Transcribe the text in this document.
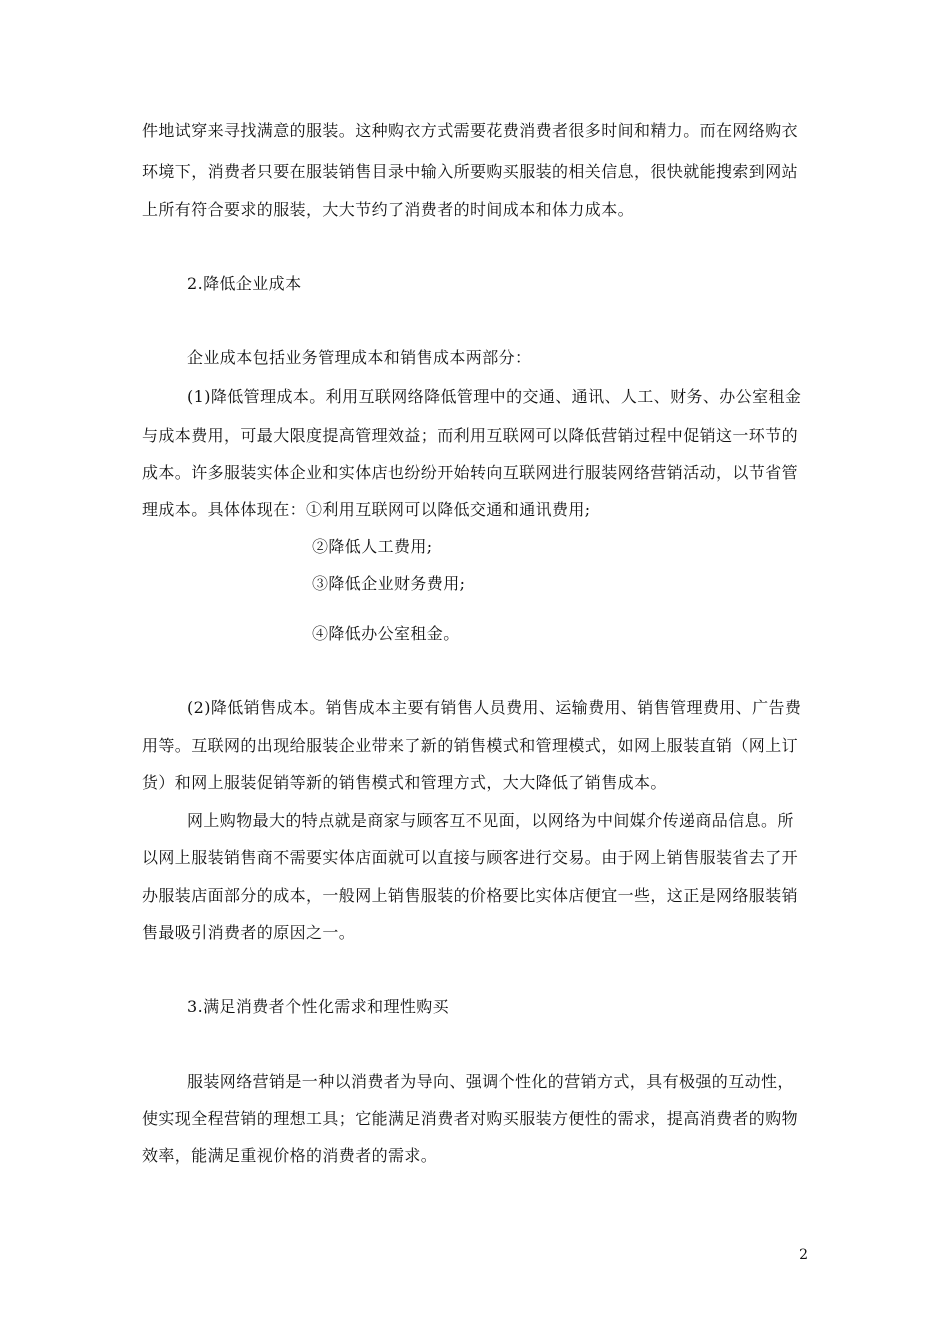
件地试穿来寻找满意的服装。这种购衣方式需要花费消费者很多时间和精力。而在网络购衣
环境下，消费者只要在服装销售目录中输入所要购买服装的相关信息，很快就能搜索到网站
上所有符合要求的服装，大大节约了消费者的时间成本和体力成本。
2.降低企业成本
企业成本包括业务管理成本和销售成本两部分：
(1)降低管理成本。利用互联网络降低管理中的交通、通讯、人工、财务、办公室租金
与成本费用，可最大限度提高管理效益；而利用互联网可以降低营销过程中促销这一环节的
成本。许多服装实体企业和实体店也纷纷开始转向互联网进行服装网络营销活动，以节省管
理成本。具体体现在：①利用互联网可以降低交通和通讯费用;
②降低人工费用;
③降低企业财务费用;
④降低办公室租金。
(2)降低销售成本。销售成本主要有销售人员费用、运输费用、销售管理费用、广告费
用等。互联网的出现给服装企业带来了新的销售模式和管理模式，如网上服装直销（网上订
货）和网上服装促销等新的销售模式和管理方式，大大降低了销售成本。
网上购物最大的特点就是商家与顾客互不见面，以网络为中间媒介传递商品信息。所
以网上服装销售商不需要实体店面就可以直接与顾客进行交易。由于网上销售服装省去了开
办服装店面部分的成本，一般网上销售服装的价格要比实体店便宜一些，这正是网络服装销
售最吸引消费者的原因之一。
3.满足消费者个性化需求和理性购买
服装网络营销是一种以消费者为导向、强调个性化的营销方式，具有极强的互动性，
使实现全程营销的理想工具；它能满足消费者对购买服装方便性的需求，提高消费者的购物
效率，能满足重视价格的消费者的需求。
2
